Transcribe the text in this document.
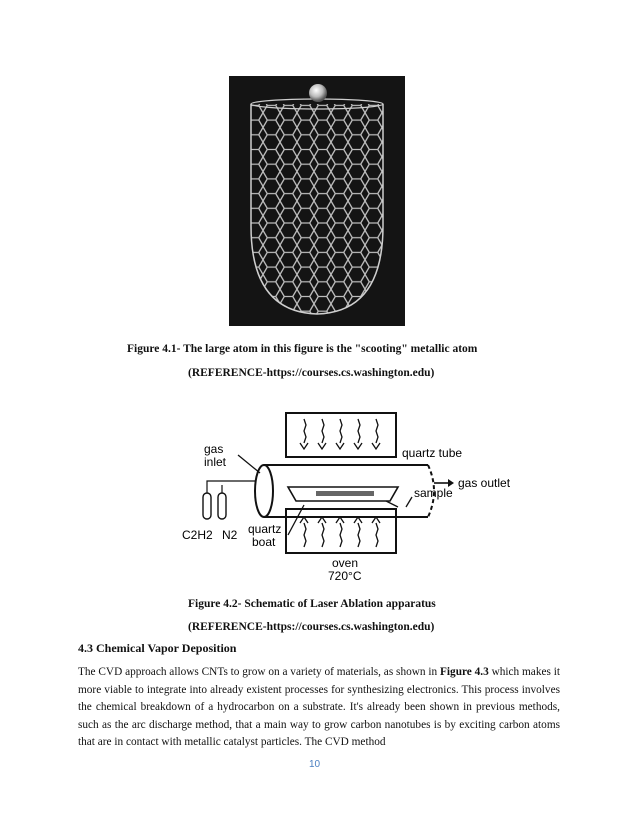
Figure 4.1- The large atom in this figure is the "scooting" metallic atom
(REFERENCE-https://courses.cs.washington.edu)
gas
inlet
quartz tube
gas outlet
sample
quartz
boat
C2H2 N2
oven
720°C
Figure 4.2- Schematic of Laser Ablation apparatus
(REFERENCE-https://courses.cs.washington.edu)
4.3 Chemical Vapor Deposition
The CVD approach allows CNTs to grow on a variety of materials, as shown in Figure 4.3 which makes it more viable to integrate into already existent processes for synthesizing electronics. This process involves the chemical breakdown of a hydrocarbon on a substrate. It's already been shown in previous methods, such as the arc discharge method, that a main way to grow carbon nanotubes is by exciting carbon atoms that are in contact with metallic catalyst particles. The CVD method
10
